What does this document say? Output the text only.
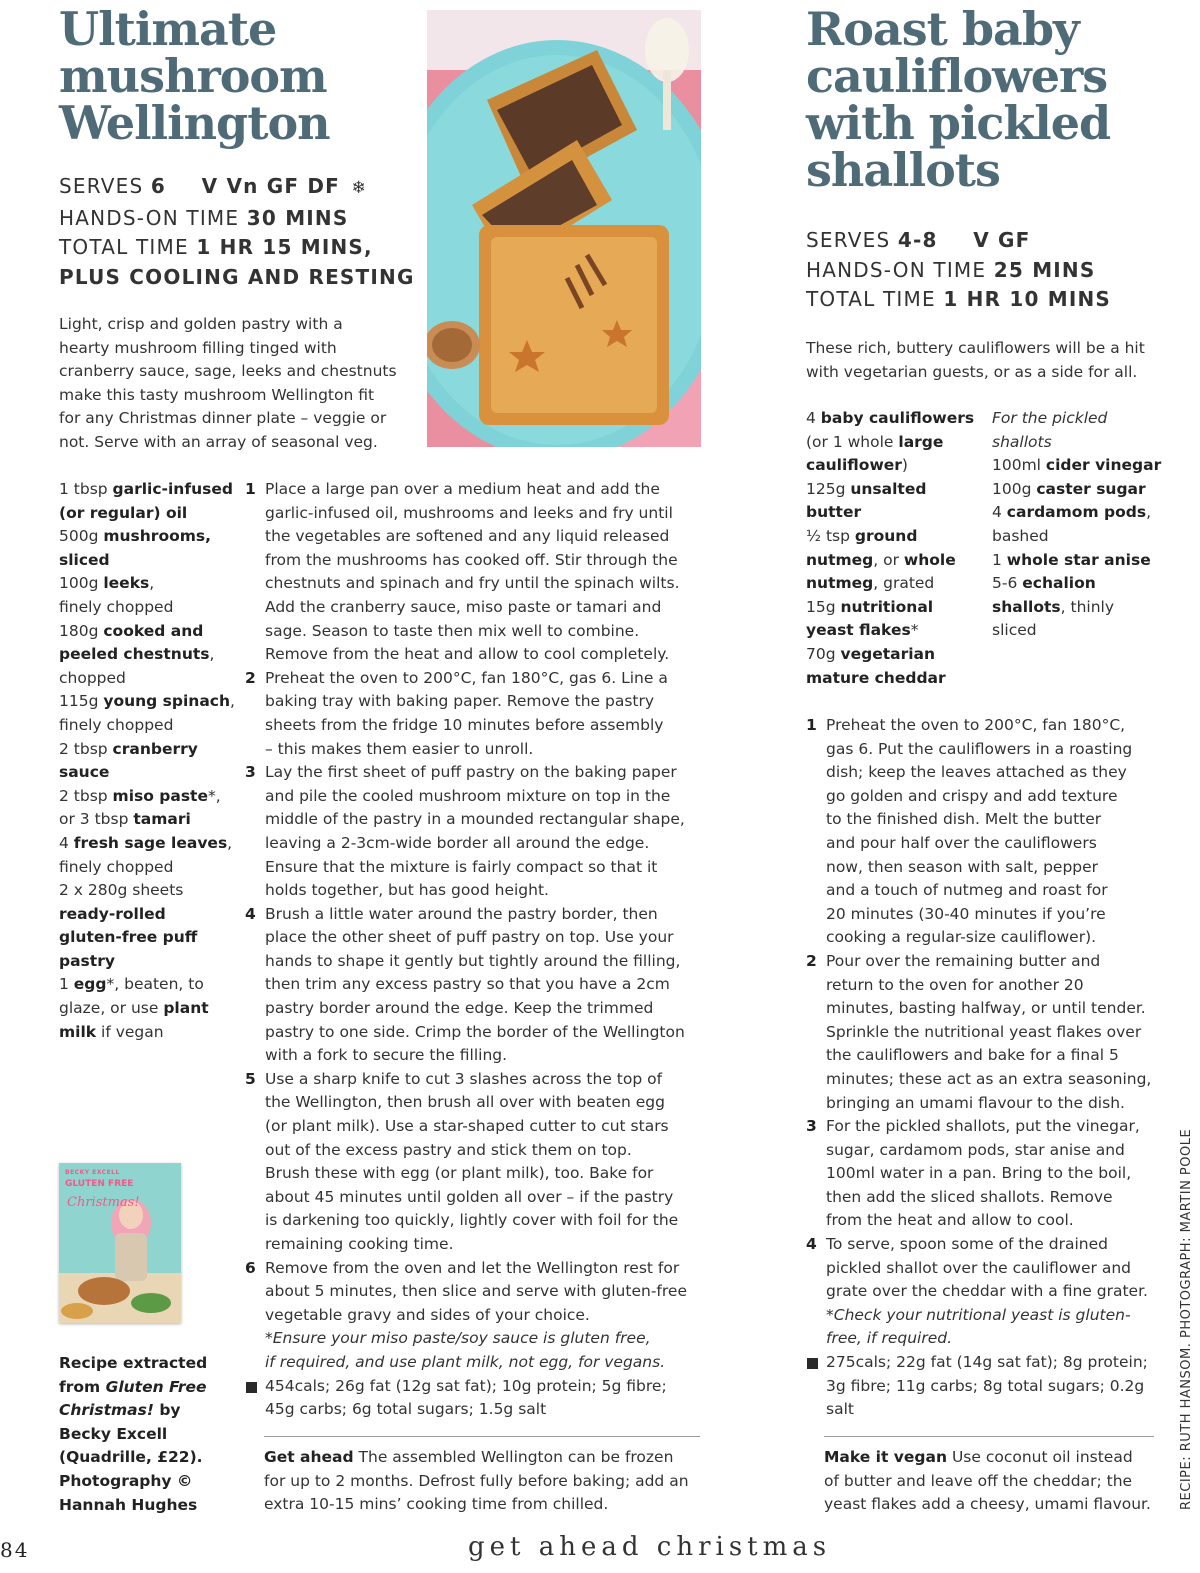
Ultimate
mushroom
Wellington
SERVES 6 V Vn GF DF ❄
HANDS-ON TIME 30 MINS
TOTAL TIME 1 HR 15 MINS,
PLUS COOLING AND RESTING
Light, crisp and golden pastry with a
hearty mushroom filling tinged with
cranberry sauce, sage, leeks and chestnuts
make this tasty mushroom Wellington fit
for any Christmas dinner plate – veggie or
not. Serve with an array of seasonal veg.
1 tbsp garlic-infused
(or regular) oil
500g mushrooms,
sliced
100g leeks,
finely chopped
180g cooked and
peeled chestnuts,
chopped
115g young spinach,
finely chopped
2 tbsp cranberry
sauce
2 tbsp miso paste*,
or 3 tbsp tamari
4 fresh sage leaves,
finely chopped
2 x 280g sheets
ready-rolled
gluten-free puff
pastry
1 egg*, beaten, to
glaze, or use plant
milk if vegan
1 Place a large pan over a medium heat and add the
garlic-infused oil, mushrooms and leeks and fry until
the vegetables are softened and any liquid released
from the mushrooms has cooked off. Stir through the
chestnuts and spinach and fry until the spinach wilts.
Add the cranberry sauce, miso paste or tamari and
sage. Season to taste then mix well to combine.
Remove from the heat and allow to cool completely.
2 Preheat the oven to 200°C, fan 180°C, gas 6. Line a
baking tray with baking paper. Remove the pastry
sheets from the fridge 10 minutes before assembly
– this makes them easier to unroll.
3 Lay the first sheet of puff pastry on the baking paper
and pile the cooled mushroom mixture on top in the
middle of the pastry in a mounded rectangular shape,
leaving a 2-3cm-wide border all around the edge.
Ensure that the mixture is fairly compact so that it
holds together, but has good height.
4 Brush a little water around the pastry border, then
place the other sheet of puff pastry on top. Use your
hands to shape it gently but tightly around the filling,
then trim any excess pastry so that you have a 2cm
pastry border around the edge. Keep the trimmed
pastry to one side. Crimp the border of the Wellington
with a fork to secure the filling.
5 Use a sharp knife to cut 3 slashes across the top of
the Wellington, then brush all over with beaten egg
(or plant milk). Use a star-shaped cutter to cut stars
out of the excess pastry and stick them on top.
Brush these with egg (or plant milk), too. Bake for
about 45 minutes until golden all over – if the pastry
is darkening too quickly, lightly cover with foil for the
remaining cooking time.
6 Remove from the oven and let the Wellington rest for
about 5 minutes, then slice and serve with gluten-free
vegetable gravy and sides of your choice.
*Ensure your miso paste/soy sauce is gluten free,
if required, and use plant milk, not egg, for vegans.
454cals; 26g fat (12g sat fat); 10g protein; 5g fibre;
45g carbs; 6g total sugars; 1.5g salt
Get ahead The assembled Wellington can be frozen
for up to 2 months. Defrost fully before baking; add an
extra 10-15 mins’ cooking time from chilled.
BECKY EXCELL
GLUTEN FREE
Christmas!
Recipe extracted
from Gluten Free
Christmas! by
Becky Excell
(Quadrille, £22).
Photography ©
Hannah Hughes
Roast baby
cauliflowers
with pickled
shallots
SERVES 4-8 V GF
HANDS-ON TIME 25 MINS
TOTAL TIME 1 HR 10 MINS
These rich, buttery cauliflowers will be a hit
with vegetarian guests, or as a side for all.
4 baby cauliflowers
(or 1 whole large
cauliflower)
125g unsalted
butter
½ tsp ground
nutmeg, or whole
nutmeg, grated
15g nutritional
yeast flakes*
70g vegetarian
mature cheddar
For the pickled
shallots
100ml cider vinegar
100g caster sugar
4 cardamom pods,
bashed
1 whole star anise
5-6 echalion
shallots, thinly
sliced
1 Preheat the oven to 200°C, fan 180°C,
gas 6. Put the cauliflowers in a roasting
dish; keep the leaves attached as they
go golden and crispy and add texture
to the finished dish. Melt the butter
and pour half over the cauliflowers
now, then season with salt, pepper
and a touch of nutmeg and roast for
20 minutes (30-40 minutes if you’re
cooking a regular-size cauliflower).
2 Pour over the remaining butter and
return to the oven for another 20
minutes, basting halfway, or until tender.
Sprinkle the nutritional yeast flakes over
the cauliflowers and bake for a final 5
minutes; these act as an extra seasoning,
bringing an umami flavour to the dish.
3 For the pickled shallots, put the vinegar,
sugar, cardamom pods, star anise and
100ml water in a pan. Bring to the boil,
then add the sliced shallots. Remove
from the heat and allow to cool.
4 To serve, spoon some of the drained
pickled shallot over the cauliflower and
grate over the cheddar with a fine grater.
*Check your nutritional yeast is gluten-
free, if required.
275cals; 22g fat (14g sat fat); 8g protein;
3g fibre; 11g carbs; 8g total sugars; 0.2g
salt
Make it vegan Use coconut oil instead
of butter and leave off the cheddar; the
yeast flakes add a cheesy, umami flavour. RECIPE: RUTH HANSOM. PHOTOGRAPH: MARTIN POOLE
84	get ahead christmas
